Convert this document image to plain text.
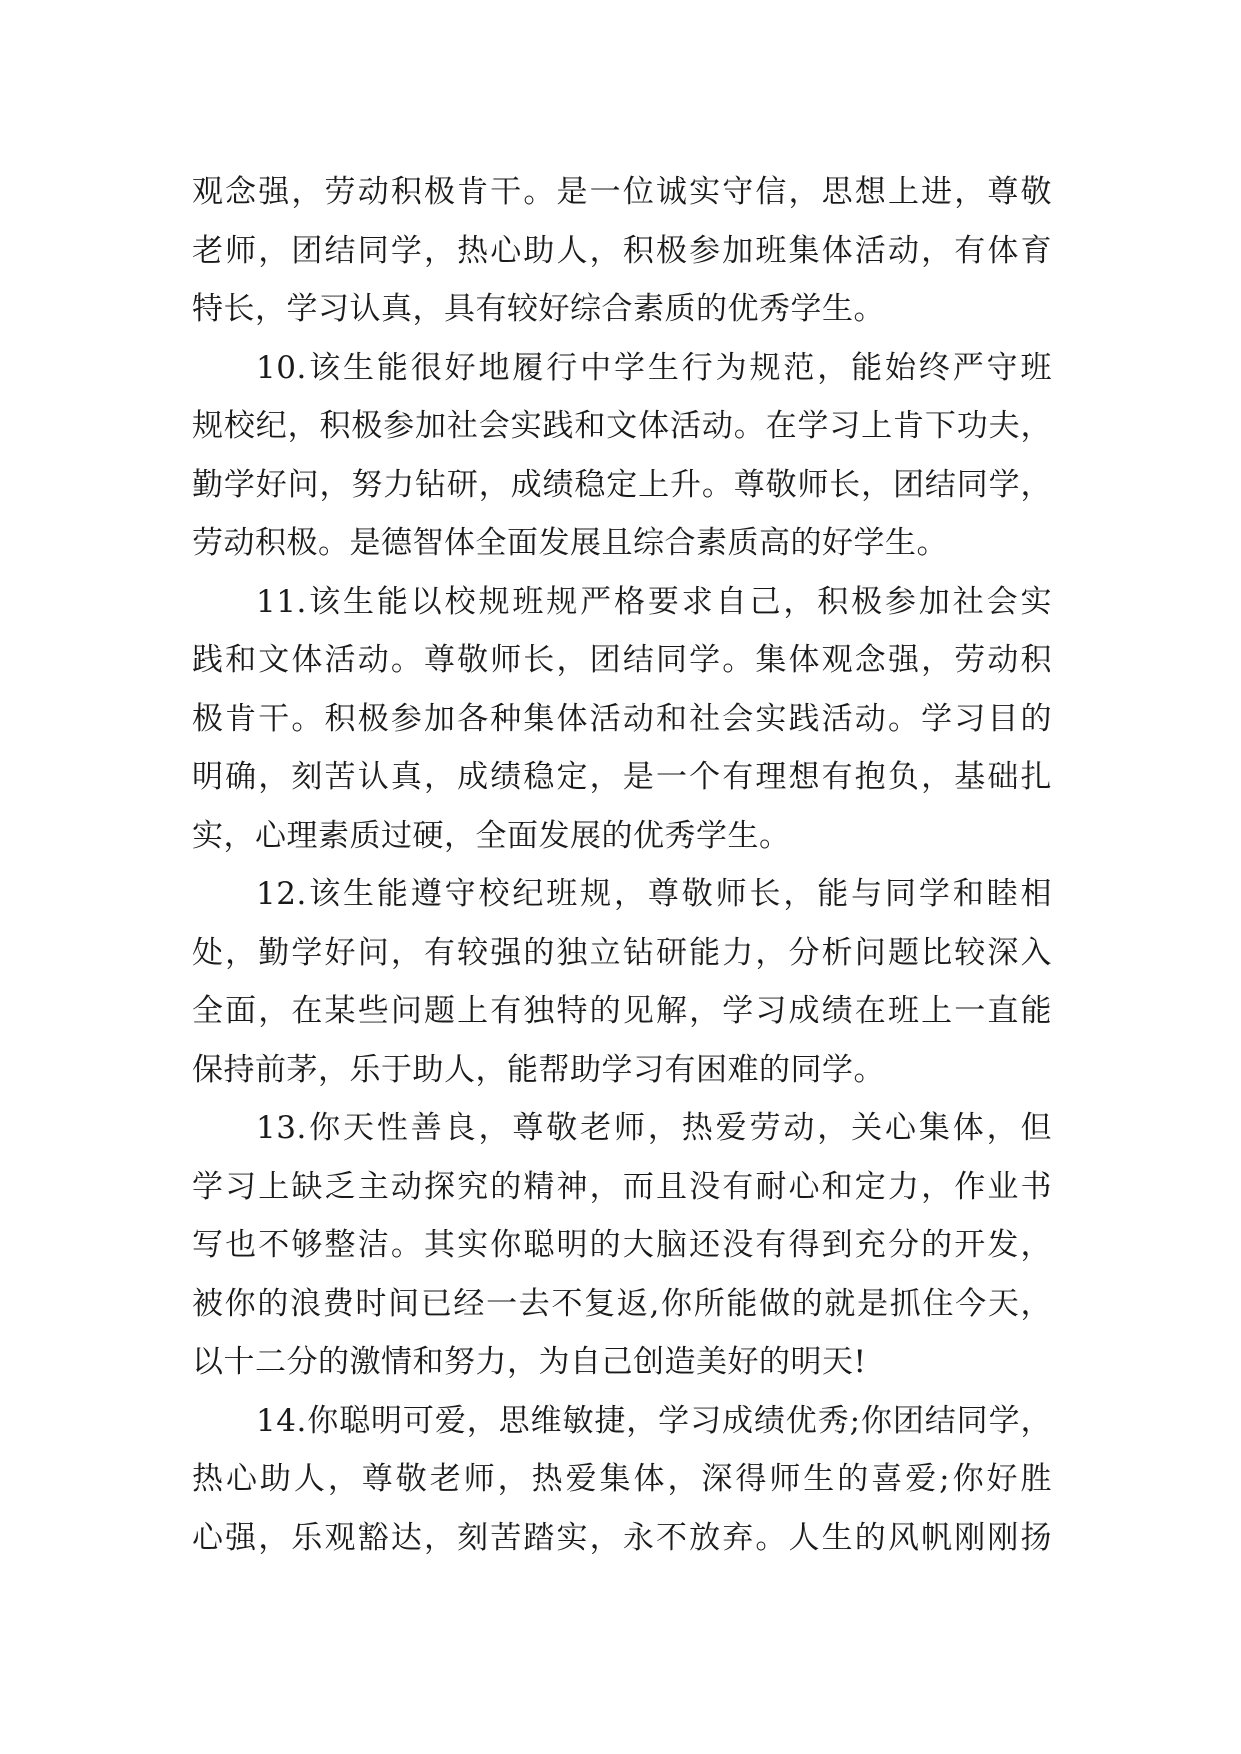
观念强，劳动积极肯干。是一位诚实守信，思想上进，尊敬
老师，团结同学，热心助人，积极参加班集体活动，有体育
特长，学习认真，具有较好综合素质的优秀学生。
10.该生能很好地履行中学生行为规范，能始终严守班
规校纪，积极参加社会实践和文体活动。在学习上肯下功夫，
勤学好问，努力钻研，成绩稳定上升。尊敬师长，团结同学，
劳动积极。是德智体全面发展且综合素质高的好学生。
11.该生能以校规班规严格要求自己，积极参加社会实
践和文体活动。尊敬师长，团结同学。集体观念强，劳动积
极肯干。积极参加各种集体活动和社会实践活动。学习目的
明确，刻苦认真，成绩稳定，是一个有理想有抱负，基础扎
实，心理素质过硬，全面发展的优秀学生。
12.该生能遵守校纪班规，尊敬师长，能与同学和睦相
处，勤学好问，有较强的独立钻研能力，分析问题比较深入
全面，在某些问题上有独特的见解，学习成绩在班上一直能
保持前茅，乐于助人，能帮助学习有困难的同学。
13.你天性善良，尊敬老师，热爱劳动，关心集体，但
学习上缺乏主动探究的精神，而且没有耐心和定力，作业书
写也不够整洁。其实你聪明的大脑还没有得到充分的开发，
被你的浪费时间已经一去不复返,你所能做的就是抓住今天，
以十二分的激情和努力，为自己创造美好的明天!
14.你聪明可爱，思维敏捷，学习成绩优秀;你团结同学，
热心助人，尊敬老师，热爱集体，深得师生的喜爱;你好胜
心强，乐观豁达，刻苦踏实，永不放弃。人生的风帆刚刚扬
